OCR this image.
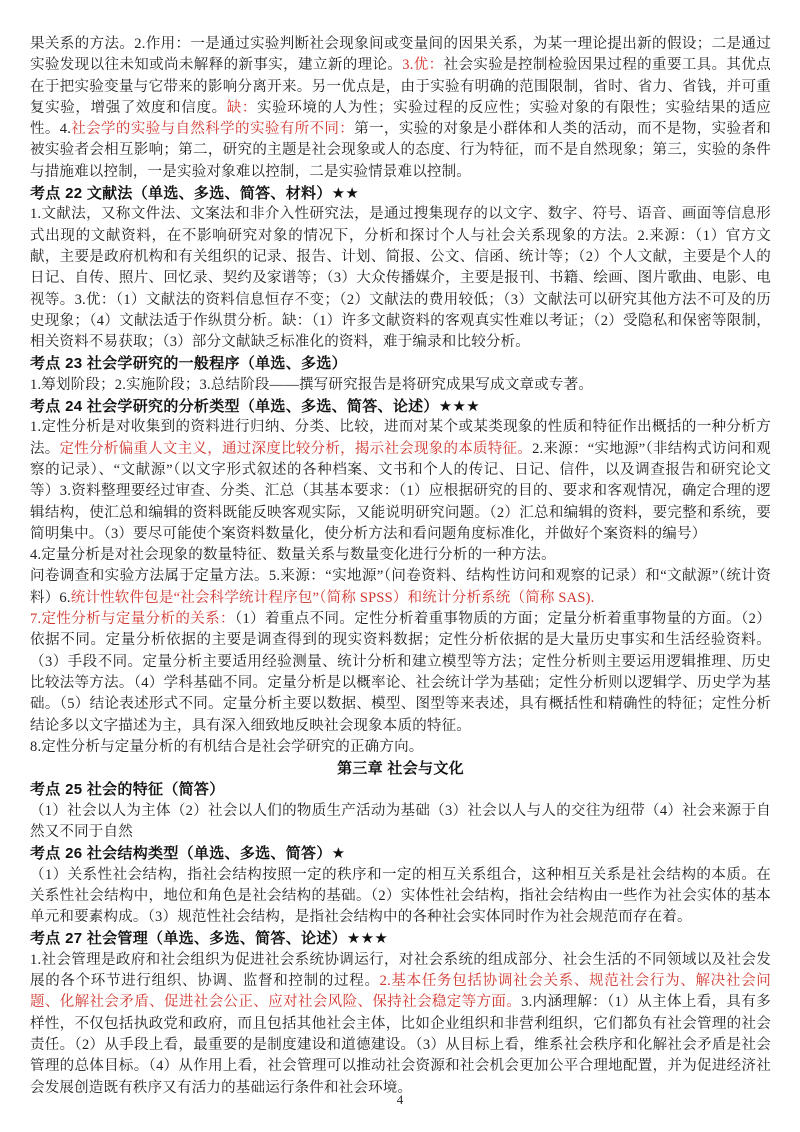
果关系的方法。2.作用：一是通过实验判断社会现象间或变量间的因果关系，为某一理论提出新的假设；二是通过实验发现以往未知或尚未解释的新事实，建立新的理论。3.优：社会实验是控制检验因果过程的重要工具。其优点在于把实验变量与它带来的影响分离开来。另一优点是，由于实验有明确的范围限制，省时、省力、省钱，并可重复实验，增强了效度和信度。缺：实验环境的人为性；实验过程的反应性；实验对象的有限性；实验结果的适应性。4.社会学的实验与自然科学的实验有所不同：第一，实验的对象是小群体和人类的活动，而不是物，实验者和被实验者会相互影响；第二，研究的主题是社会现象或人的态度、行为特征，而不是自然现象；第三，实验的条件与措施难以控制，一是实验对象难以控制，二是实验情景难以控制。
考点 22 文献法（单选、多选、简答、材料）★★
1.文献法，又称文件法、文案法和非介入性研究法，是通过搜集现存的以文字、数字、符号、语音、画面等信息形式出现的文献资料，在不影响研究对象的情况下，分析和探讨个人与社会关系现象的方法。2.来源：（1）官方文献，主要是政府机构和有关组织的记录、报告、计划、简报、公文、信函、统计等；（2）个人文献，主要是个人的日记、自传、照片、回忆录、契约及家谱等；（3）大众传播媒介，主要是报刊、书籍、绘画、图片歌曲、电影、电视等。3.优：（1）文献法的资料信息恒存不变；（2）文献法的费用较低；（3）文献法可以研究其他方法不可及的历史现象；（4）文献法适于作纵贯分析。缺：（1）许多文献资料的客观真实性难以考证；（2）受隐私和保密等限制，相关资料不易获取；（3）部分文献缺乏标准化的资料，难于编录和比较分析。
考点 23 社会学研究的一般程序（单选、多选）
1.筹划阶段；2.实施阶段；3.总结阶段——撰写研究报告是将研究成果写成文章或专著。
考点 24 社会学研究的分析类型（单选、多选、简答、论述）★★★
1.定性分析是对收集到的资料进行归纳、分类、比较，进而对某个或某类现象的性质和特征作出概括的一种分析方法。定性分析偏重人文主义，通过深度比较分析，揭示社会现象的本质特征。2.来源：“实地源”（非结构式访问和观察的记录）、“文献源”（以文字形式叙述的各种档案、文书和个人的传记、日记、信件，以及调查报告和研究论文等）3.资料整理要经过审查、分类、汇总（其基本要求：（1）应根据研究的目的、要求和客观情况，确定合理的逻辑结构，使汇总和编辑的资料既能反映客观实际，又能说明研究问题。（2）汇总和编辑的资料，要完整和系统，要简明集中。（3）要尽可能使个案资料数量化，使分析方法和看问题角度标准化，并做好个案资料的编号）
4.定量分析是对社会现象的数量特征、数量关系与数量变化进行分析的一种方法。
问卷调查和实验方法属于定量方法。5.来源：“实地源”（问卷资料、结构性访问和观察的记录）和“文献源”（统计资料）6.统计性软件包是“社会科学统计程序包”（简称 SPSS）和统计分析系统（简称 SAS).
7.定性分析与定量分析的关系：（1）着重点不同。定性分析着重事物质的方面；定量分析着重事物量的方面。（2）依据不同。定量分析依据的主要是调查得到的现实资料数据；定性分析依据的是大量历史事实和生活经验资料。（3）手段不同。定量分析主要适用经验测量、统计分析和建立模型等方法；定性分析则主要运用逻辑推理、历史比较法等方法。（4）学科基础不同。定量分析是以概率论、社会统计学为基础；定性分析则以逻辑学、历史学为基础。（5）结论表述形式不同。定量分析主要以数据、模型、图型等来表述，具有概括性和精确性的特征；定性分析结论多以文字描述为主，具有深入细致地反映社会现象本质的特征。
8.定性分析与定量分析的有机结合是社会学研究的正确方向。
第三章 社会与文化
考点 25 社会的特征（简答）
（1）社会以人为主体（2）社会以人们的物质生产活动为基础（3）社会以人与人的交往为纽带（4）社会来源于自然又不同于自然
考点 26 社会结构类型（单选、多选、简答）★
（1）关系性社会结构，指社会结构按照一定的秩序和一定的相互关系组合，这种相互关系是社会结构的本质。在关系性社会结构中，地位和角色是社会结构的基础。（2）实体性社会结构，指社会结构由一些作为社会实体的基本单元和要素构成。（3）规范性社会结构，是指社会结构中的各种社会实体同时作为社会规范而存在着。
考点 27 社会管理（单选、多选、简答、论述）★★★
1.社会管理是政府和社会组织为促进社会系统协调运行，对社会系统的组成部分、社会生活的不同领域以及社会发展的各个环节进行组织、协调、监督和控制的过程。2.基本任务包括协调社会关系、规范社会行为、解决社会问题、化解社会矛盾、促进社会公正、应对社会风险、保持社会稳定等方面。3.内涵理解：（1）从主体上看，具有多样性，不仅包括执政党和政府，而且包括其他社会主体，比如企业组织和非营利组织，它们都负有社会管理的社会责任。（2）从手段上看，最重要的是制度建设和道德建设。（3）从目标上看，维系社会秩序和化解社会矛盾是社会管理的总体目标。（4）从作用上看，社会管理可以推动社会资源和社会机会更加公平合理地配置，并为促进经济社会发展创造既有秩序又有活力的基础运行条件和社会环境。
4
